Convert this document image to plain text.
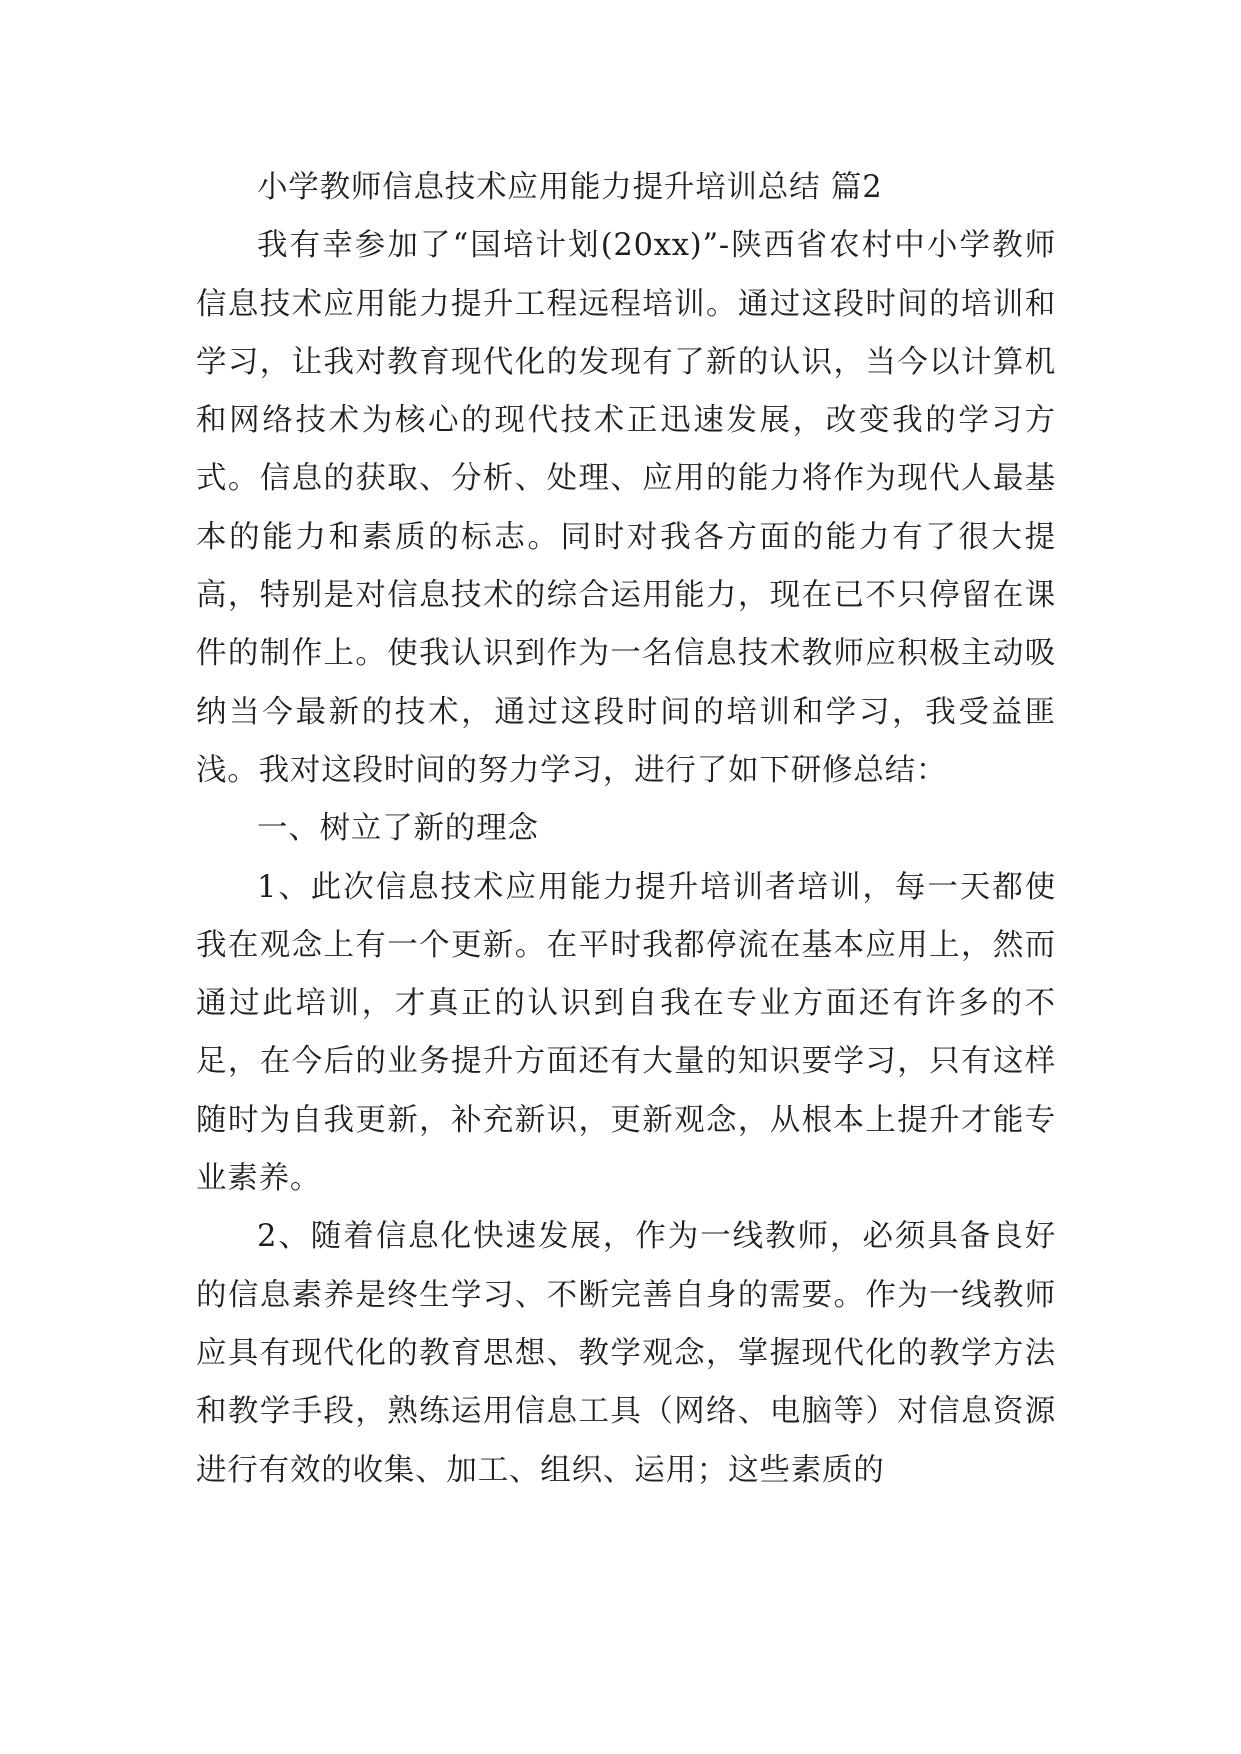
小学教师信息技术应用能力提升培训总结 篇2

我有幸参加了“国培计划(20xx)”-陕西省农村中小学教师信息技术应用能力提升工程远程培训。通过这段时间的培训和学习，让我对教育现代化的发现有了新的认识，当今以计算机和网络技术为核心的现代技术正迅速发展，改变我的学习方式。信息的获取、分析、处理、应用的能力将作为现代人最基本的能力和素质的标志。同时对我各方面的能力有了很大提高，特别是对信息技术的综合运用能力，现在已不只停留在课件的制作上。使我认识到作为一名信息技术教师应积极主动吸纳当今最新的技术，通过这段时间的培训和学习，我受益匪浅。我对这段时间的努力学习，进行了如下研修总结：

一、树立了新的理念

1、此次信息技术应用能力提升培训者培训，每一天都使我在观念上有一个更新。在平时我都停流在基本应用上，然而通过此培训，才真正的认识到自我在专业方面还有许多的不足，在今后的业务提升方面还有大量的知识要学习，只有这样随时为自我更新，补充新识，更新观念，从根本上提升才能专业素养。

2、随着信息化快速发展，作为一线教师，必须具备良好的信息素养是终生学习、不断完善自身的需要。作为一线教师应具有现代化的教育思想、教学观念，掌握现代化的教学方法和教学手段，熟练运用信息工具（网络、电脑等）对信息资源进行有效的收集、加工、组织、运用；这些素质的
